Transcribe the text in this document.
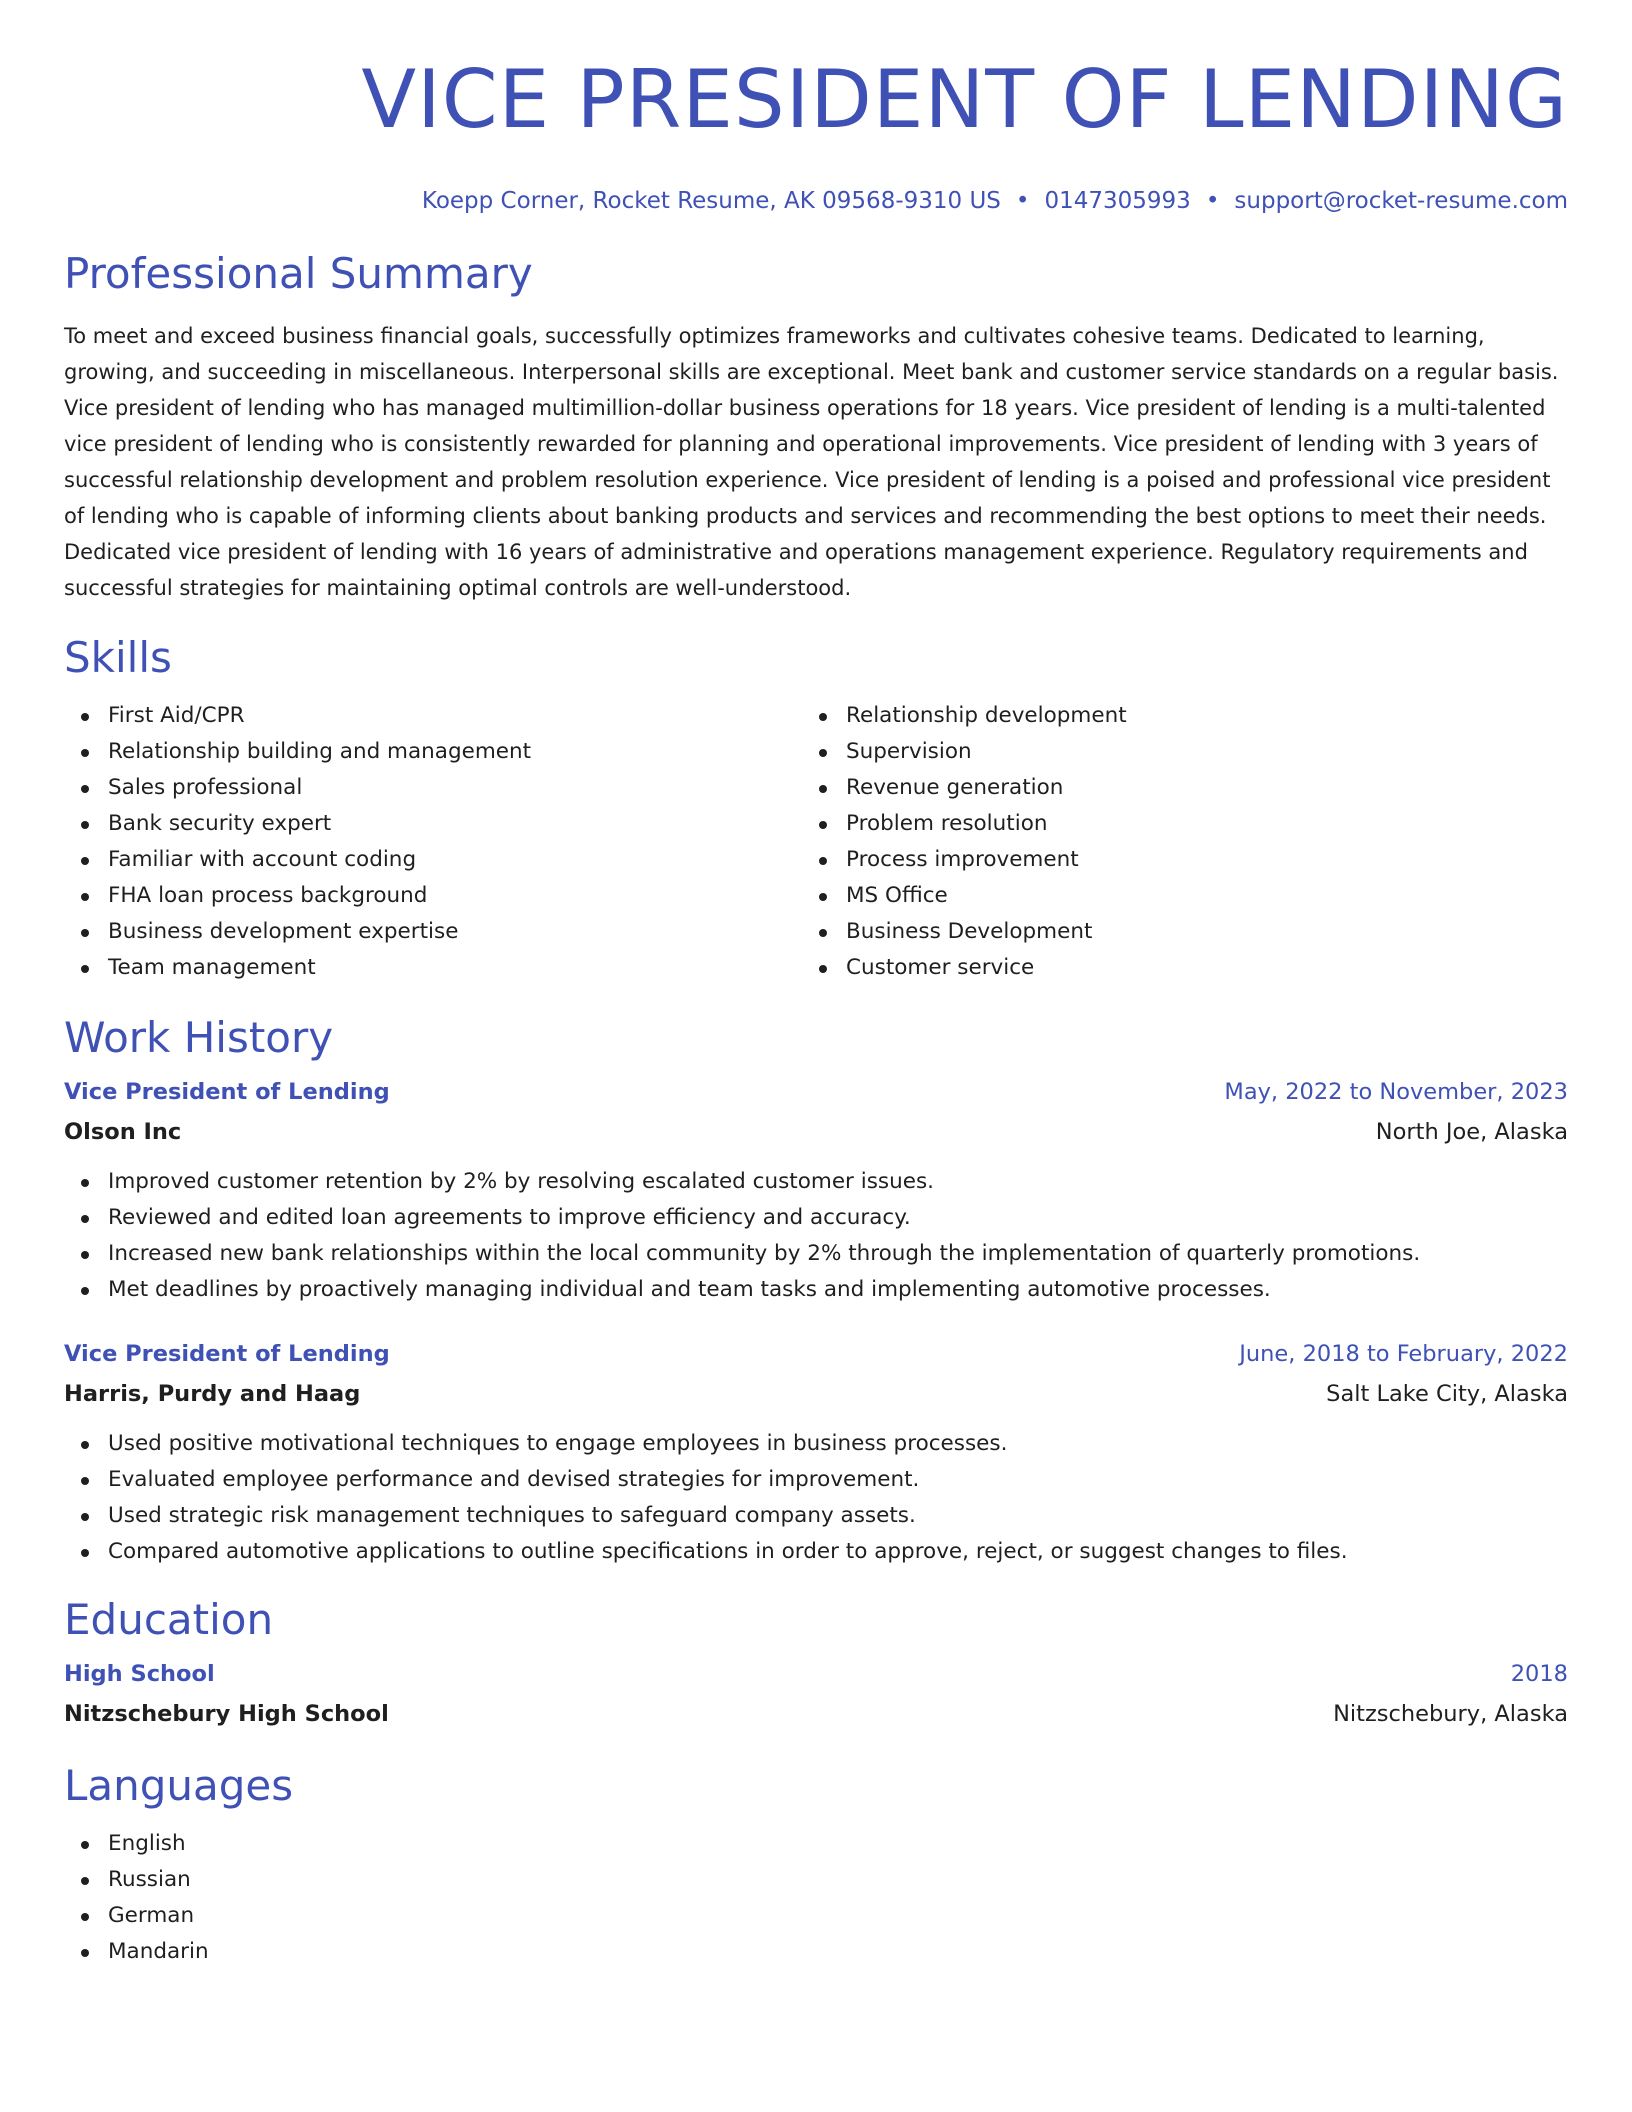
VICE PRESIDENT OF LENDING
Koepp Corner, Rocket Resume, AK 09568-9310 US • 0147305993 • support@rocket-resume.com
Professional Summary
To meet and exceed business financial goals, successfully optimizes frameworks and cultivates cohesive teams. Dedicated to learning, growing, and succeeding in miscellaneous. Interpersonal skills are exceptional. Meet bank and customer service standards on a regular basis. Vice president of lending who has managed multimillion-dollar business operations for 18 years. Vice president of lending is a multi-talented vice president of lending who is consistently rewarded for planning and operational improvements. Vice president of lending with 3 years of successful relationship development and problem resolution experience. Vice president of lending is a poised and professional vice president of lending who is capable of informing clients about banking products and services and recommending the best options to meet their needs. Dedicated vice president of lending with 16 years of administrative and operations management experience. Regulatory requirements and successful strategies for maintaining optimal controls are well-understood.
Skills
First Aid/CPR
Relationship building and management
Sales professional
Bank security expert
Familiar with account coding
FHA loan process background
Business development expertise
Team management
Relationship development
Supervision
Revenue generation
Problem resolution
Process improvement
MS Office
Business Development
Customer service
Work History
Vice President of Lending	May, 2022 to November, 2023
Olson Inc	North Joe, Alaska
Improved customer retention by 2% by resolving escalated customer issues.
Reviewed and edited loan agreements to improve efficiency and accuracy.
Increased new bank relationships within the local community by 2% through the implementation of quarterly promotions.
Met deadlines by proactively managing individual and team tasks and implementing automotive processes.
Vice President of Lending	June, 2018 to February, 2022
Harris, Purdy and Haag	Salt Lake City, Alaska
Used positive motivational techniques to engage employees in business processes.
Evaluated employee performance and devised strategies for improvement.
Used strategic risk management techniques to safeguard company assets.
Compared automotive applications to outline specifications in order to approve, reject, or suggest changes to files.
Education
High School	2018
Nitzschebury High School	Nitzschebury, Alaska
Languages
English
Russian
German
Mandarin
